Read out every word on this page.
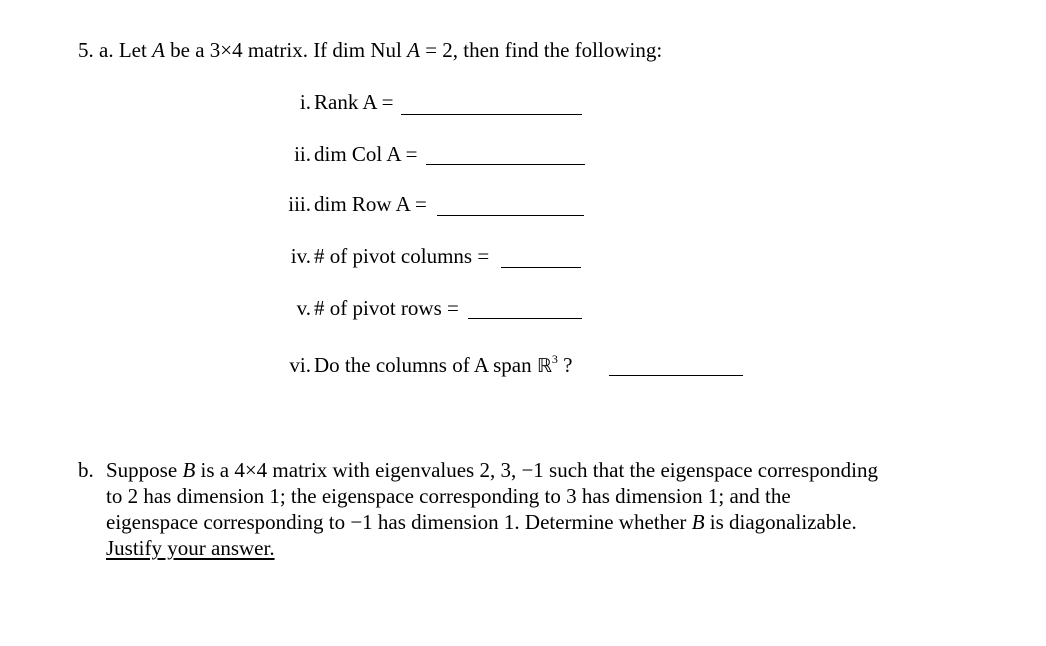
5. a. Let A be a 3×4 matrix. If dim Nul A = 2, then find the following:
i. Rank A =
ii. dim Col A =
iii. dim Row A =
iv. # of pivot columns =
v. # of pivot rows =
vi. Do the columns of A span ℝ$^3$ ?
b. Suppose B is a 4×4 matrix with eigenvalues 2, 3, −1 such that the eigenspace corresponding
to 2 has dimension 1; the eigenspace corresponding to 3 has dimension 1; and the
eigenspace corresponding to −1 has dimension 1. Determine whether B is diagonalizable.
Justify your answer.
